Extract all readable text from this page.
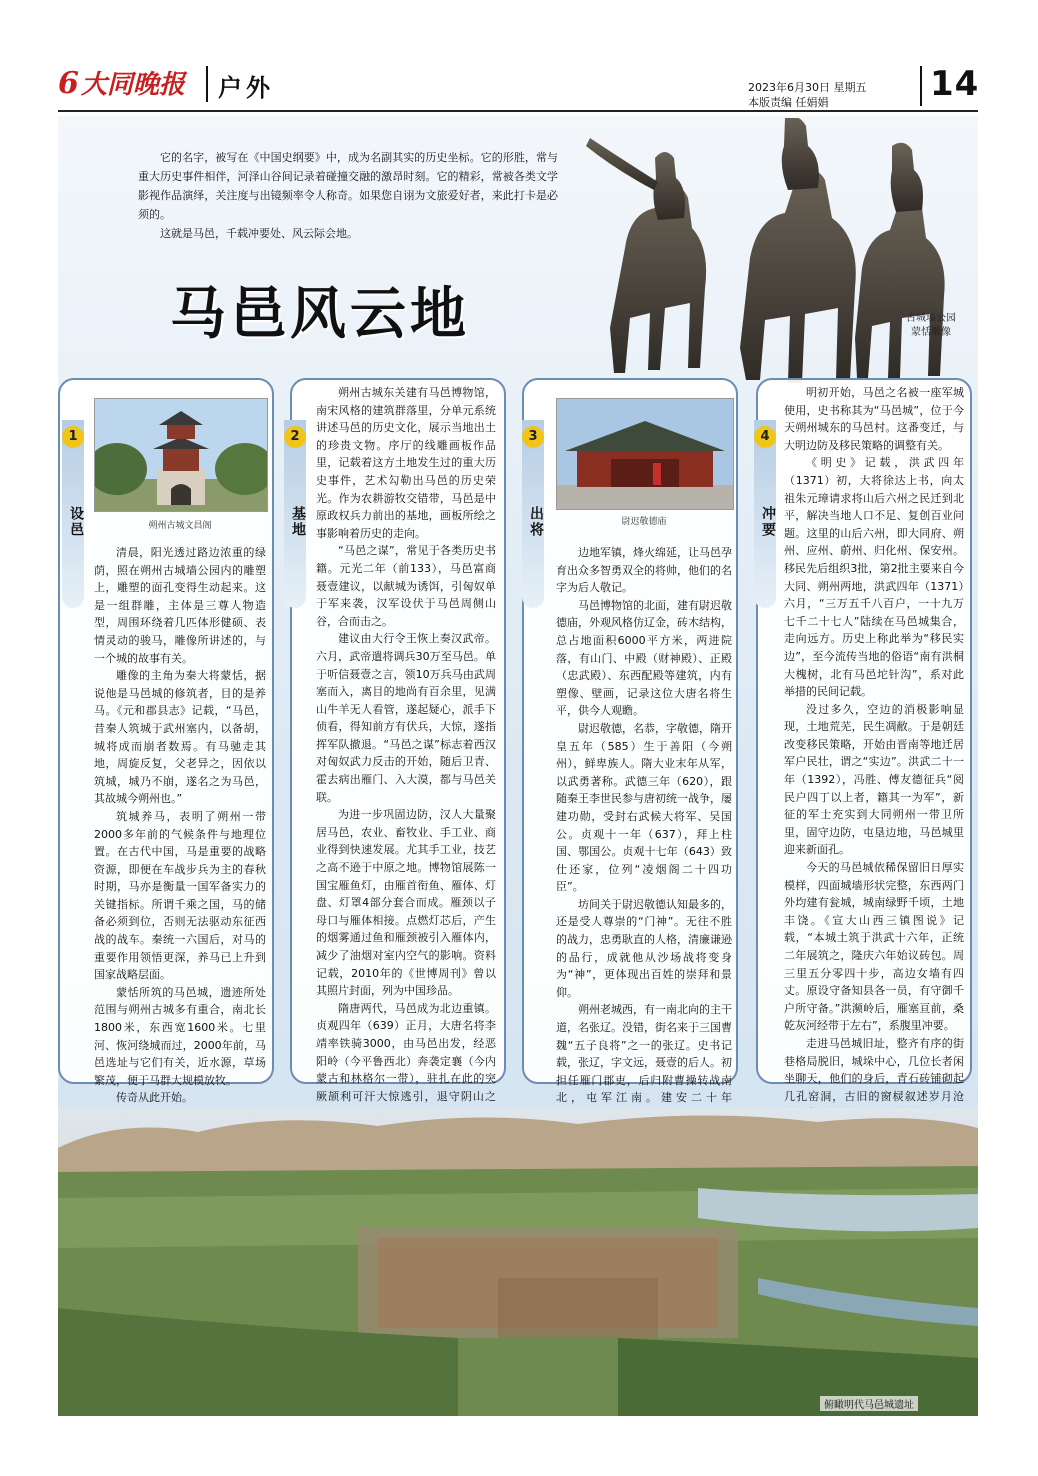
6大同晚报 户外	2023年6月30日 星期五
本版责编 任娟娟	14

它的名字，被写在《中国史纲要》中，成为名副其实的历史坐标。它的形胜，常与重大历史事件相伴，河泽山谷间记录着碰撞交融的激昂时刻。它的精彩，常被各类文学影视作品演绎，关注度与出镜频率令人称奇。如果您自诩为文旅爱好者，来此打卡是必须的。

这就是马邑，千载冲要处、风云际会地。

马邑风云地	古城墙公园
蒙恬雕像
1
设邑	朔州古城文昌阁

清晨，阳光透过路边浓重的绿荫，照在朔州古城墙公园内的雕塑上，雕塑的面孔变得生动起来。这是一组群雕，主体是三尊人物造型，周围环绕着几匹体形健硕、表情灵动的骏马，雕像所讲述的，与一个城的故事有关。

雕像的主角为秦大将蒙恬，据说他是马邑城的修筑者，目的是养马。《元和郡县志》记载，“马邑，昔秦人筑城于武州塞内，以备胡，城将成而崩者数焉。有马驰走其地，周旋反复，父老异之，因依以筑城，城乃不崩，遂名之为马邑，其故城今朔州也。”

筑城养马，表明了朔州一带2000多年前的气候条件与地理位置。在古代中国，马是重要的战略资源，即便在车战步兵为主的春秋时期，马亦是衡量一国军备实力的关键指标。所谓千乘之国，马的储备必须到位，否则无法驱动东征西战的战车。秦统一六国后，对马的重要作用领悟更深，养马已上升到国家战略层面。

蒙恬所筑的马邑城，遗迹所处范围与朔州古城多有重合，南北长1800米，东西宽1600米。七里河、恢河绕城而过，2000年前，马邑选址与它们有关，近水源，草场繁茂，便于马群大规模放牧。

传奇从此开始。

2
基地

朔州古城东关建有马邑博物馆，南宋风格的建筑群落里，分单元系统讲述马邑的历史文化，展示当地出土的珍贵文物。序厅的线雕画板作品里，记载着这方土地发生过的重大历史事件，艺术勾勒出马邑的历史荣光。作为农耕游牧交错带，马邑是中原政权兵力前出的基地，画板所绘之事影响着历史的走向。

“马邑之谋”，常见于各类历史书籍。元光二年（前133），马邑富商聂壹建议，以献城为诱饵，引匈奴单于军来袭，汉军设伏于马邑周侧山谷，合而击之。

建议由大行令王恢上奏汉武帝。六月，武帝遣将调兵30万至马邑。单于听信聂壹之言，领10万兵马由武周塞而入，离目的地尚有百余里，见满山牛羊无人看管，遂起疑心，派手下侦看，得知前方有伏兵，大惊，遂指挥军队撤退。“马邑之谋”标志着西汉对匈奴武力反击的开始，随后卫青、霍去病出雁门、入大漠，都与马邑关联。

为进一步巩固边防，汉人大量聚居马邑，农业、畜牧业、手工业、商业得到快速发展。尤其手工业，技艺之高不逊于中原之地。博物馆展陈一国宝雁鱼灯，由雁首衔鱼、雁体、灯盘、灯罩4部分套合而成。雁颈以子母口与雁体相接。点燃灯芯后，产生的烟雾通过鱼和雁颈被引入雁体内，减少了油烟对室内空气的影响。资料记载，2010年的《世博周刊》曾以其照片封面，列为中国珍品。

隋唐两代，马邑成为北边重镇。贞观四年（639）正月，大唐名将李靖率铁骑3000，由马邑出发，经恶阳岭（今平鲁西北）奔袭定襄（今内蒙古和林格尔一带），驻扎在此的突厥颉利可汗大惊逃引，退守阴山之

3
出将	尉迟敬德庙

边地军镇，烽火绵延，让马邑孕育出众多智勇双全的将帅，他们的名字为后人敬记。

马邑博物馆的北面，建有尉迟敬德庙，外观风格仿辽金，砖木结构，总占地面积6000平方米，两进院落，有山门、中殿（财神殿）、正殿（忠武殿）、东西配殿等建筑，内有塑像、壁画，记录这位大唐名将生平，供今人观瞻。

尉迟敬德，名恭，字敬德，隋开皇五年（585）生于善阳（今朔州），鲜卑族人。隋大业末年从军，以武勇著称。武德三年（620），跟随秦王李世民参与唐初统一战争，屡建功勋，受封右武候大将军、吴国公。贞观十一年（637），拜上柱国、鄂国公。贞观十七年（643）致仕还家，位列“凌烟阁二十四功臣”。

坊间关于尉迟敬德认知最多的，还是受人尊崇的“门神”。无往不胜的战力，忠勇耿直的人格，清廉谦逊的品行，成就他从沙场战将变身为“神”，更体现出百姓的崇拜和景仰。

朔州老城西，有一南北向的主干道，名张辽。没错，街名来于三国曹魏“五子良将”之一的张辽。史书记载，张辽，字文远，聂壹的后人。初担任雁门郡吏，后归附曹操转战南北，屯军江南。建安二十年

4
冲要

明初开始，马邑之名被一座军城使用，史书称其为“马邑城”，位于今天朔州城东的马邑村。这番变迁，与大明边防及移民策略的调整有关。

《明史》记载，洪武四年（1371）初，大将徐达上书，向太祖朱元璋请求将山后六州之民迁到北平，解决当地人口不足、复创百业问题。这里的山后六州，即大同府、朔州、应州、蔚州、归化州、保安州。移民先后组织3批，第2批主要来自今大同、朔州两地，洪武四年（1371）六月，“三万五千八百户，一十九万七千二十七人”陆续在马邑城集合，走向远方。历史上称此举为“移民实边”，至今流传当地的俗语“南有洪桐大槐树，北有马邑坨针沟”，系对此举措的民间记载。

没过多久，空边的消极影响显现，土地荒芜，民生凋敝。于是朝廷改变移民策略，开始由晋南等地迁居军户民壮，谓之“实边”。洪武二十一年（1392），冯胜、傅友德征兵“阅民户四丁以上者，籍其一为军”，新征的军士充实到大同朔州一带卫所里，固守边防，屯垦边地，马邑城里迎来新面孔。

今天的马邑城依稀保留旧日厚实模样，四面城墙形状完整，东西两门外均建有瓮城，城南绿野千顷，土地丰饶。《宣大山西三镇图说》记载，“本城土筑于洪武十六年，正统二年展筑之，隆庆六年始议砖包。周三里五分零四十步，高边女墙有四丈。原设守备知县各一员，有守御千户所守备。”洪濒岭后，雁塞亘前，桑乾灰河经带于左右”，系腹里冲要。

走进马邑城旧址，整齐有序的街巷格局脱旧，城垛中心，几位长者闲坐聊天，他们的身后，青石砖铺砌起几孔窑洞，古旧的窗棂叙述岁月沧

俯瞰明代马邑城遗址
